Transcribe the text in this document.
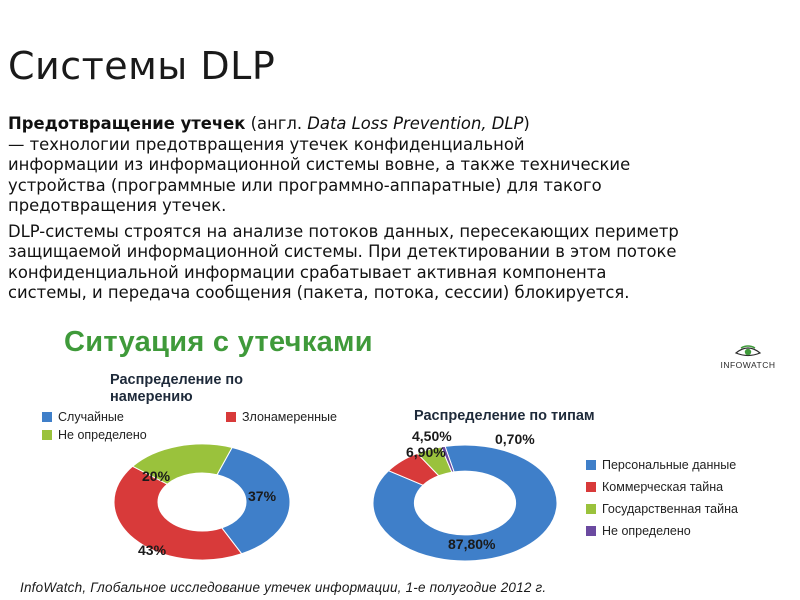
Системы DLP

Предотвращение утечек (англ. Data Loss Prevention, DLP)
— технологии предотвращения утечек конфиденциальной
информации из информационной системы вовне, а также технические
устройства (программные или программно-аппаратные) для такого
предотвращения утечек.

DLP-системы строятся на анализе потоков данных, пересекающих периметр
защищаемой информационной системы. При детектировании в этом потоке
конфиденциальной информации срабатывает активная компонента
системы, и передача сообщения (пакета, потока, сессии) блокируется.

Ситуация с утечками
INFOWATCH
Распределение по
намерению
Случайные	Злонамеренные
Не определено
37%
43%
20%
Распределение по типам
6,90%
4,50%	0,70%
87,80%
Персональные данные
Коммерческая тайна
Государственная тайна
Не определено
InfoWatch, Глобальное исследование утечек информации, 1-е полугодие 2012 г.
